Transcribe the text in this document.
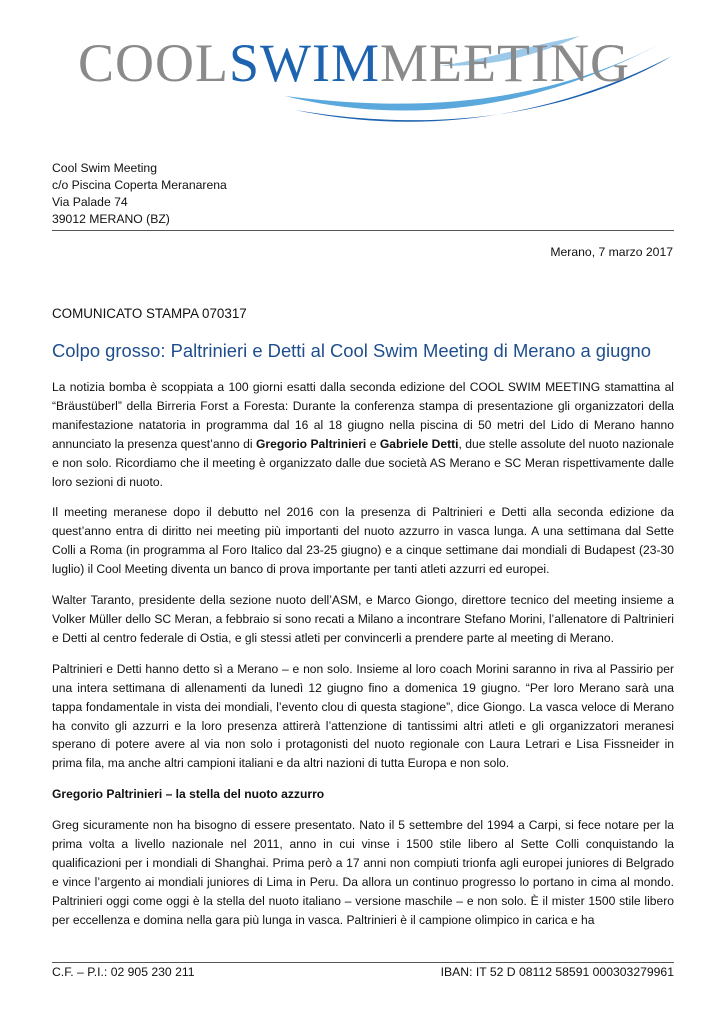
COOLSWIMMEETING
Cool Swim Meeting
c/o Piscina Coperta Meranarena
Via Palade 74
39012 MERANO (BZ)
Merano, 7 marzo 2017
COMUNICATO STAMPA 070317
Colpo grosso: Paltrinieri e Detti al Cool Swim Meeting di Merano a giugno

La notizia bomba è scoppiata a 100 giorni esatti dalla seconda edizione del COOL SWIM MEETING stamattina al “Bräustüberl” della Birreria Forst a Foresta: Durante la conferenza stampa di presentazione gli organizzatori della manifestazione natatoria in programma dal 16 al 18 giugno nella piscina di 50 metri del Lido di Merano hanno annunciato la presenza quest’anno di Gregorio Paltrinieri e Gabriele Detti, due stelle assolute del nuoto nazionale e non solo. Ricordiamo che il meeting è organizzato dalle due società AS Merano e SC Meran rispettivamente dalle loro sezioni di nuoto.

Il meeting meranese dopo il debutto nel 2016 con la presenza di Paltrinieri e Detti alla seconda edizione da quest’anno entra di diritto nei meeting più importanti del nuoto azzurro in vasca lunga. A una settimana dal Sette Colli a Roma (in programma al Foro Italico dal 23-25 giugno) e a cinque settimane dai mondiali di Budapest (23-30 luglio) il Cool Meeting diventa un banco di prova importante per tanti atleti azzurri ed europei.

Walter Taranto, presidente della sezione nuoto dell’ASM, e Marco Giongo, direttore tecnico del meeting insieme a Volker Müller dello SC Meran, a febbraio si sono recati a Milano a incontrare Stefano Morini, l’allenatore di Paltrinieri e Detti al centro federale di Ostia, e gli stessi atleti per convincerli a prendere parte al meeting di Merano.

Paltrinieri e Detti hanno detto sì a Merano – e non solo. Insieme al loro coach Morini saranno in riva al Passirio per una intera settimana di allenamenti da lunedì 12 giugno fino a domenica 19 giugno. “Per loro Merano sarà una tappa fondamentale in vista dei mondiali, l’evento clou di questa stagione”, dice Giongo. La vasca veloce di Merano ha convito gli azzurri e la loro presenza attirerà l’attenzione di tantissimi altri atleti e gli organizzatori meranesi sperano di potere avere al via non solo i protagonisti del nuoto regionale con Laura Letrari e Lisa Fissneider in prima fila, ma anche altri campioni italiani e da altri nazioni di tutta Europa e non solo.

Gregorio Paltrinieri – la stella del nuoto azzurro

Greg sicuramente non ha bisogno di essere presentato. Nato il 5 settembre del 1994 a Carpi, si fece notare per la prima volta a livello nazionale nel 2011, anno in cui vinse i 1500 stile libero al Sette Colli conquistando la qualificazioni per i mondiali di Shanghai. Prima però a 17 anni non compiuti trionfa agli europei juniores di Belgrado e vince l’argento ai mondiali juniores di Lima in Peru. Da allora un continuo progresso lo portano in cima al mondo. Paltrinieri oggi come oggi è la stella del nuoto italiano – versione maschile – e non solo. È il mister 1500 stile libero per eccellenza e domina nella gara più lunga in vasca. Paltrinieri è il campione olimpico in carica e ha

C.F. – P.I.: 02 905 230 211	IBAN: IT 52 D 08112 58591 000303279961
